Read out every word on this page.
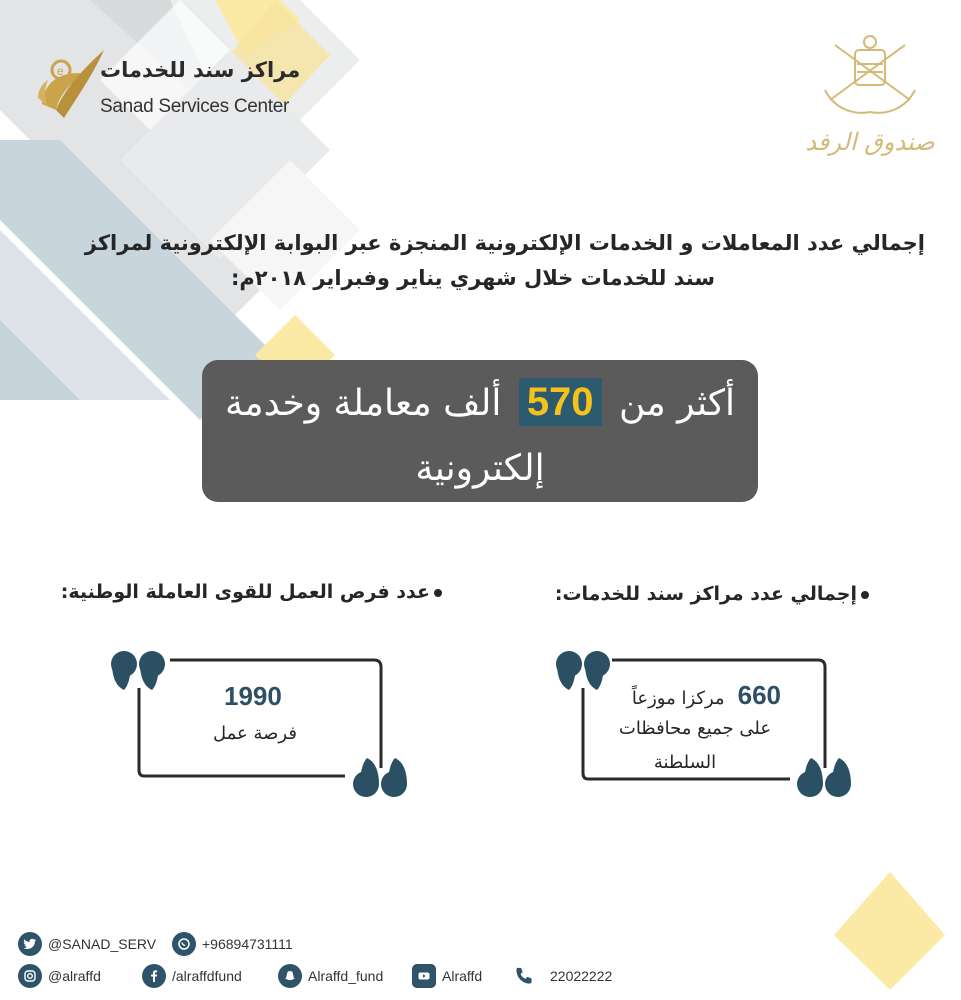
e مراكز سند للخدمات
Sanad Services Center
صندوق الرفد
إجمالي عدد المعاملات و الخدمات الإلكترونية المنجزة عبر البوابة الإلكترونية لمراكز
سند للخدمات خلال شهري يناير وفبراير ٢٠١٨م:
أكثر من 570 ألف معاملة وخدمة
إلكترونية
إجمالي عدد مراكز سند للخدمات:
عدد فرص العمل للقوى العاملة الوطنية:
1990
فرصة عمل
660 مركزا موزعاً
على جميع محافظات
السلطنة
@SANAD_SERV	+96894731111
@alraffd	/alraffdfund	Alraffd_fund	Alraffd	22022222
